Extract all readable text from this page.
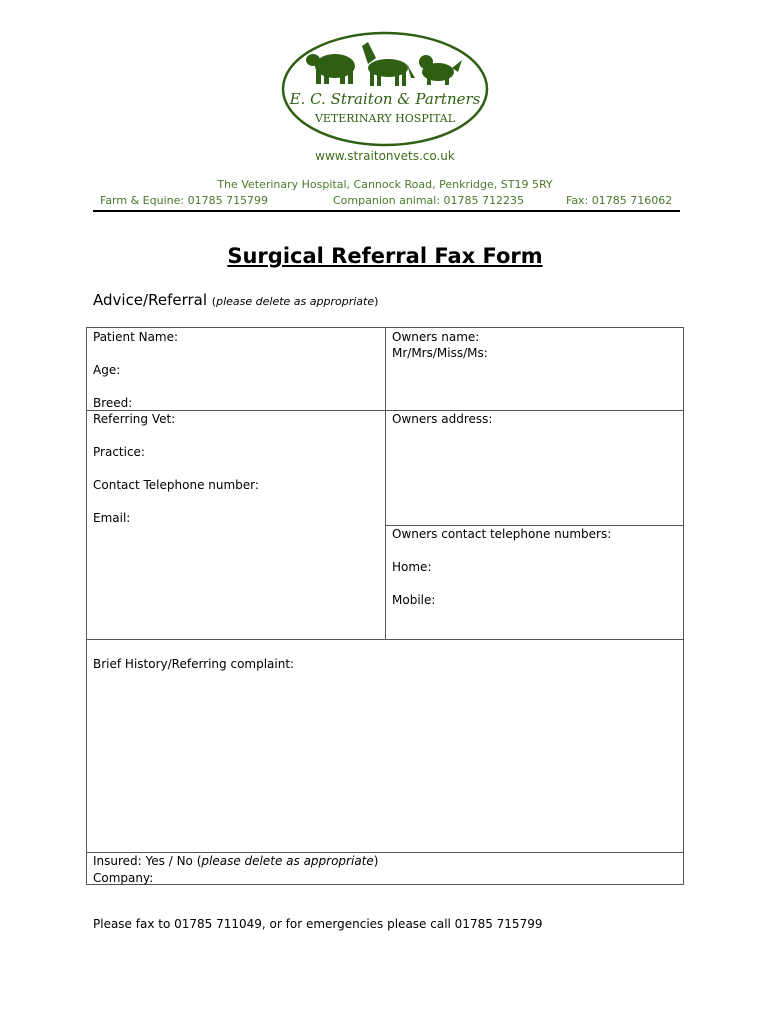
E. C. Straiton & Partners
VETERINARY HOSPITAL
www.straitonvets.co.uk
The Veterinary Hospital, Cannock Road, Penkridge, ST19 5RY
Farm & Equine: 01785 715799	Companion animal: 01785 712235	Fax: 01785 716062
Surgical Referral Fax Form
Advice/Referral (please delete as appropriate)
Patient Name:
Age:
Breed:
Owners name:
Mr/Mrs/Miss/Ms:
Referring Vet:
Practice:
Contact Telephone number:
Email:
Owners address:
Owners contact telephone numbers:
Home:
Mobile:
Brief History/Referring complaint:
Insured: Yes / No (please delete as appropriate)
Company:
Please fax to 01785 711049, or for emergencies please call 01785 715799
